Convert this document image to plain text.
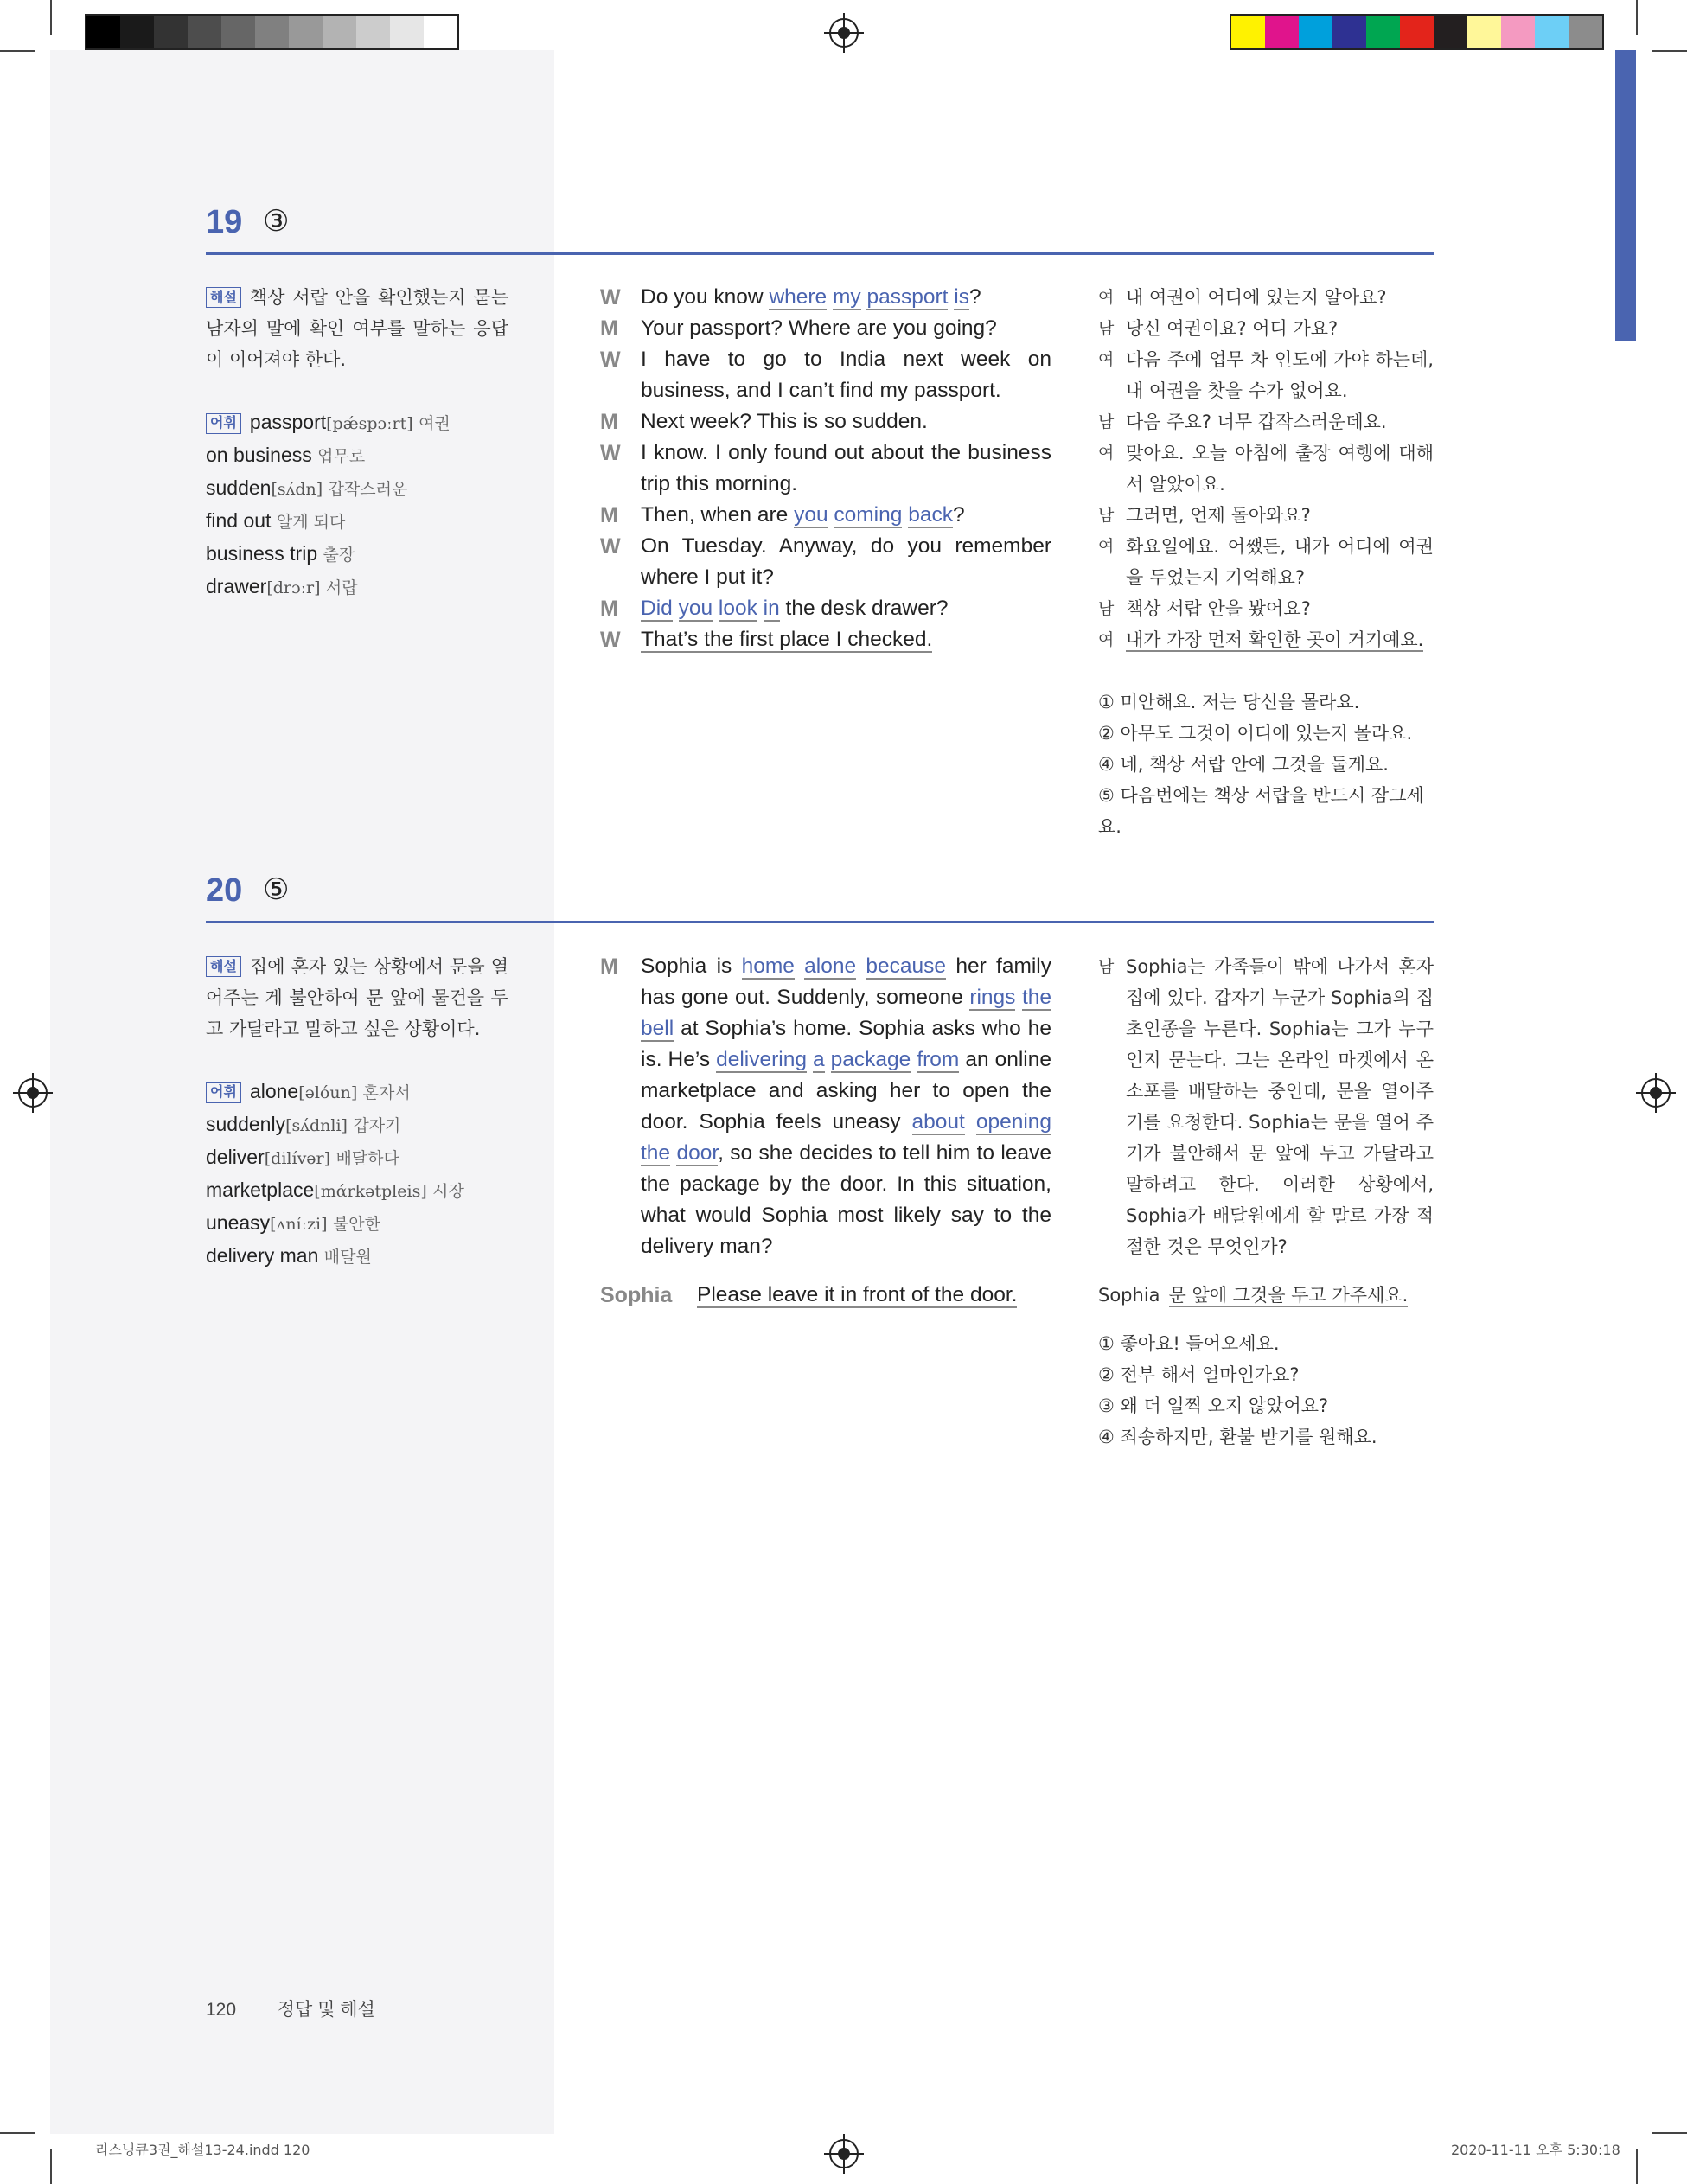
19 ③
해설 책상 서랍 안을 확인했는지 묻는 남자의 말에 확인 여부를 말하는 응답이 이어져야 한다.
어휘 passport[pǽspɔːrt] 여권
on business 업무로
sudden[sʌ́dn] 갑작스러운
find out 알게 되다
business trip 출장
drawer[drɔːr] 서랍
W Do you know where my passport is?
M	Your passport? Where are you going?
W I have to go to India next week on business, and I can’t find my passport.
M	Next week? This is so sudden.
W I know. I only found out about the business trip this morning.
M	Then, when are you coming back?
W On Tuesday. Anyway, do you remember where I put it?
M	Did you look in the desk drawer?
W That’s the first place I checked.
여 내 여권이 어디에 있는지 알아요?
남 당신 여권이요? 어디 가요?
여 다음 주에 업무 차 인도에 가야 하는데, 내 여권을 찾을 수가 없어요.
남 다음 주요? 너무 갑작스러운데요.
여 맞아요. 오늘 아침에 출장 여행에 대해서 알았어요.
남 그러면, 언제 돌아와요?
여 화요일에요. 어쨌든, 내가 어디에 여권을 두었는지 기억해요?
남 책상 서랍 안을 봤어요?
여 내가 가장 먼저 확인한 곳이 거기예요.
① 미안해요. 저는 당신을 몰라요.
② 아무도 그것이 어디에 있는지 몰라요.
④ 네, 책상 서랍 안에 그것을 둘게요.
⑤ 다음번에는 책상 서랍을 반드시 잠그세요.
20 ⑤
해설 집에 혼자 있는 상황에서 문을 열어주는 게 불안하여 문 앞에 물건을 두고 가달라고 말하고 싶은 상황이다.
어휘 alone[əlóun] 혼자서
suddenly[sʌ́dnli] 갑자기
deliver[dilívər] 배달하다
marketplace[mάrkətpleis] 시장
uneasy[ʌníːzi] 불안한
delivery man 배달원
M	Sophia is home alone because her family has gone out. Suddenly, someone rings the bell at Sophia’s home. Sophia asks who he is. He’s delivering a package from an online marketplace and asking her to open the door. Sophia feels uneasy about opening the door, so she decides to tell him to leave the package by the door. In this situation, what would Sophia most likely say to the delivery man?
Sophia	Please leave it in front of the door.
남 Sophia는 가족들이 밖에 나가서 혼자 집에 있다. 갑자기 누군가 Sophia의 집 초인종을 누른다. Sophia는 그가 누구인지 묻는다. 그는 온라인 마켓에서 온 소포를 배달하는 중인데, 문을 열어주기를 요청한다. Sophia는 문을 열어 주기가 불안해서 문 앞에 두고 가달라고 말하려고 한다. 이러한 상황에서, Sophia가 배달원에게 할 말로 가장 적절한 것은 무엇인가?
Sophia 문 앞에 그것을 두고 가주세요.
① 좋아요! 들어오세요.
② 전부 해서 얼마인가요?
③ 왜 더 일찍 오지 않았어요?
④ 죄송하지만, 환불 받기를 원해요.
120 정답 및 해설
리스닝큐3권_해설13-24.indd 120	2020-11-11 오후 5:30:18
